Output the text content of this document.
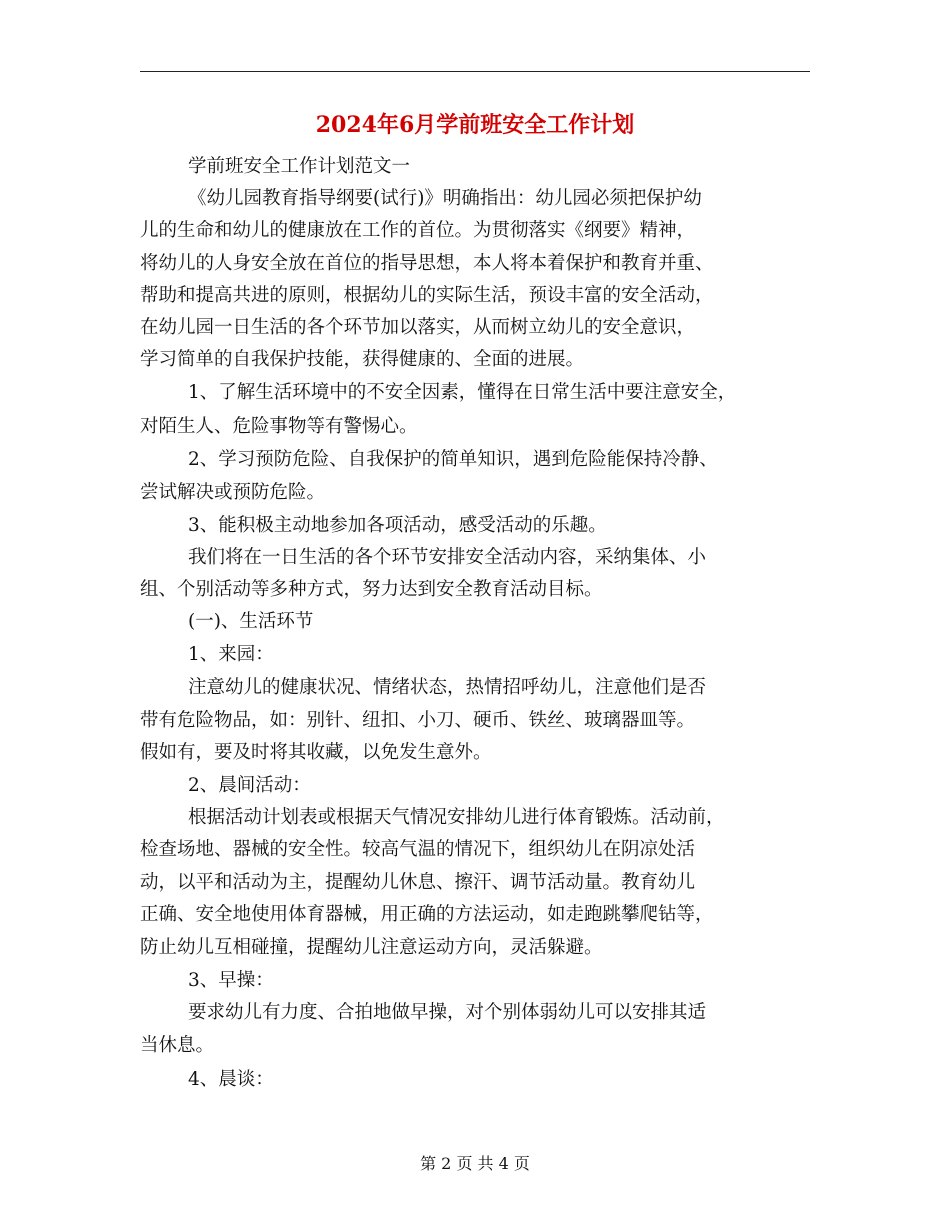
2024年6月学前班安全工作计划
学前班安全工作计划范文一
《幼儿园教育指导纲要(试行)》明确指出：幼儿园必须把保护幼
儿的生命和幼儿的健康放在工作的首位。为贯彻落实《纲要》精神，
将幼儿的人身安全放在首位的指导思想，本人将本着保护和教育并重、
帮助和提高共进的原则，根据幼儿的实际生活，预设丰富的安全活动，
在幼儿园一日生活的各个环节加以落实，从而树立幼儿的安全意识，
学习简单的自我保护技能，获得健康的、全面的进展。
1、了解生活环境中的不安全因素，懂得在日常生活中要注意安全，
对陌生人、危险事物等有警惕心。
2、学习预防危险、自我保护的简单知识，遇到危险能保持冷静、
尝试解决或预防危险。
3、能积极主动地参加各项活动，感受活动的乐趣。
我们将在一日生活的各个环节安排安全活动内容，采纳集体、小
组、个别活动等多种方式，努力达到安全教育活动目标。
(一)、生活环节
1、来园：
注意幼儿的健康状况、情绪状态，热情招呼幼儿，注意他们是否
带有危险物品，如：别针、纽扣、小刀、硬币、铁丝、玻璃器皿等。
假如有，要及时将其收藏，以免发生意外。
2、晨间活动：
根据活动计划表或根据天气情况安排幼儿进行体育锻炼。活动前，
检查场地、器械的安全性。较高气温的情况下，组织幼儿在阴凉处活
动，以平和活动为主，提醒幼儿休息、擦汗、调节活动量。教育幼儿
正确、安全地使用体育器械，用正确的方法运动，如走跑跳攀爬钻等，
防止幼儿互相碰撞，提醒幼儿注意运动方向，灵活躲避。
3、早操：
要求幼儿有力度、合拍地做早操，对个别体弱幼儿可以安排其适
当休息。
4、晨谈：
第 2 页 共 4 页
